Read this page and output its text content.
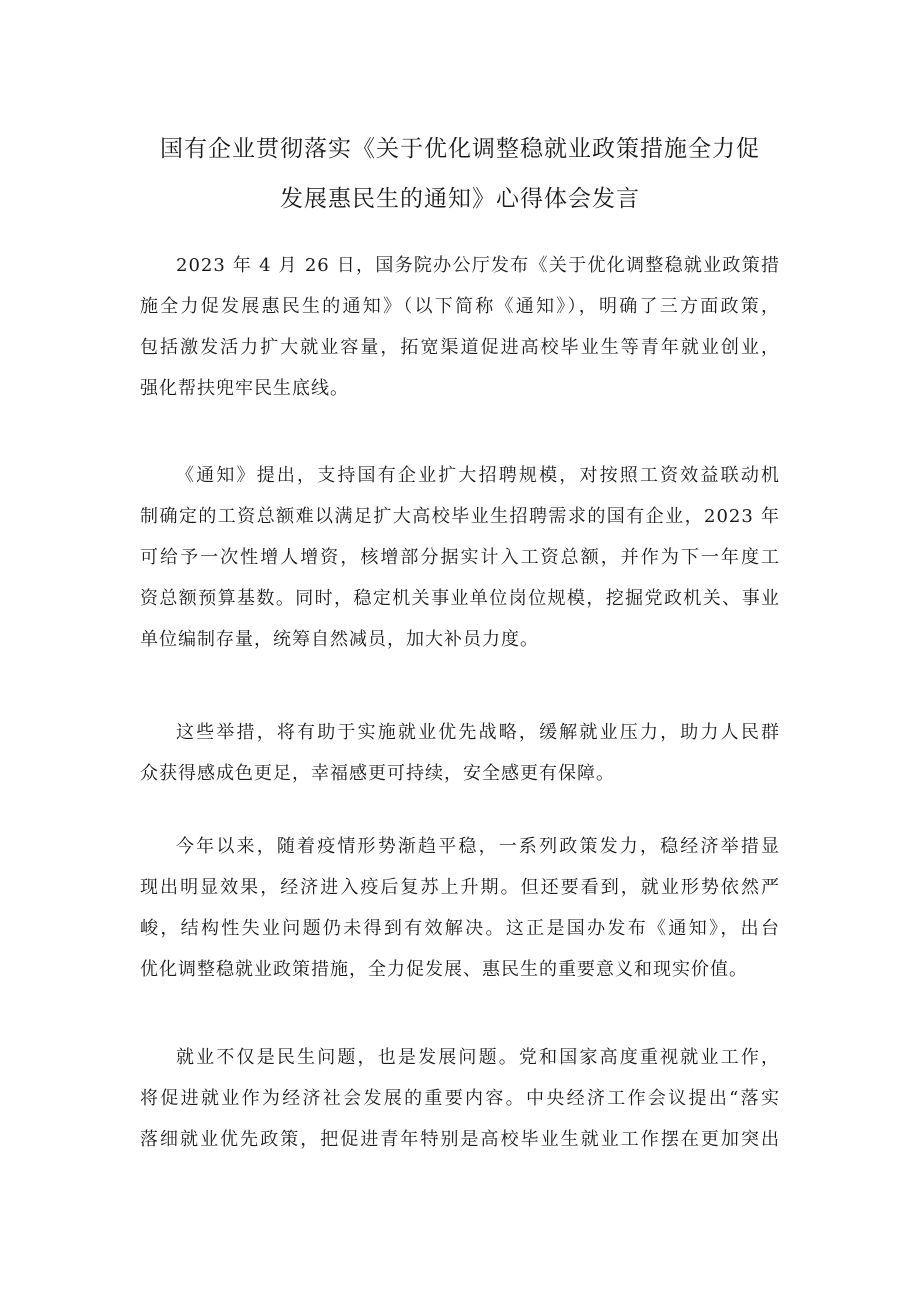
国有企业贯彻落实《关于优化调整稳就业政策措施全力促
发展惠民生的通知》心得体会发言
2023 年 4 月 26 日，国务院办公厅发布《关于优化调整稳就业政策措
施全力促发展惠民生的通知》（以下简称《通知》），明确了三方面政策，
包括激发活力扩大就业容量，拓宽渠道促进高校毕业生等青年就业创业，
强化帮扶兜牢民生底线。
《通知》提出，支持国有企业扩大招聘规模，对按照工资效益联动机
制确定的工资总额难以满足扩大高校毕业生招聘需求的国有企业，2023 年
可给予一次性增人增资，核增部分据实计入工资总额，并作为下一年度工
资总额预算基数。同时，稳定机关事业单位岗位规模，挖掘党政机关、事业
单位编制存量，统筹自然减员，加大补员力度。
这些举措，将有助于实施就业优先战略，缓解就业压力，助力人民群
众获得感成色更足，幸福感更可持续，安全感更有保障。
今年以来，随着疫情形势渐趋平稳，一系列政策发力，稳经济举措显
现出明显效果，经济进入疫后复苏上升期。但还要看到，就业形势依然严
峻，结构性失业问题仍未得到有效解决。这正是国办发布《通知》，出台
优化调整稳就业政策措施，全力促发展、惠民生的重要意义和现实价值。
就业不仅是民生问题，也是发展问题。党和国家高度重视就业工作，
将促进就业作为经济社会发展的重要内容。中央经济工作会议提出“落实
落细就业优先政策，把促进青年特别是高校毕业生就业工作摆在更加突出
